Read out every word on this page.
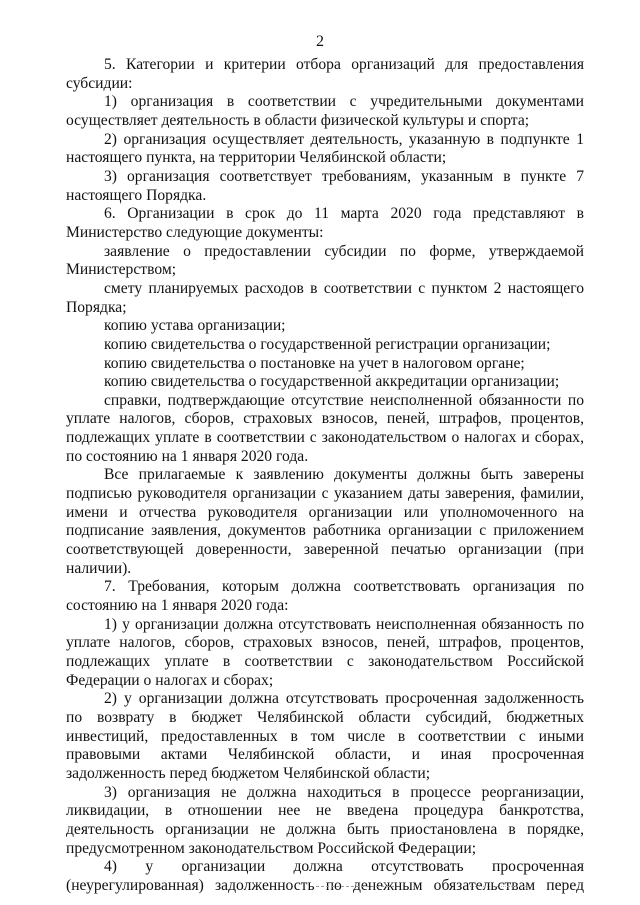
2

5. Категории и критерии отбора организаций для предоставления субсидии:

1) организация в соответствии с учредительными документами осуществляет деятельность в области физической культуры и спорта;

2) организация осуществляет деятельность, указанную в подпункте 1 настоящего пункта, на территории Челябинской области;

3) организация соответствует требованиям, указанным в пункте 7 настоящего Порядка.

6. Организации в срок до 11 марта 2020 года представляют в Министерство следующие документы:

заявление о предоставлении субсидии по форме, утверждаемой Министерством;

смету планируемых расходов в соответствии с пунктом 2 настоящего Порядка;

копию устава организации;

копию свидетельства о государственной регистрации организации;

копию свидетельства о постановке на учет в налоговом органе;

копию свидетельства о государственной аккредитации организации;

справки, подтверждающие отсутствие неисполненной обязанности по уплате налогов, сборов, страховых взносов, пеней, штрафов, процентов, подлежащих уплате в соответствии с законодательством о налогах и сборах, по состоянию на 1 января 2020 года.

Все прилагаемые к заявлению документы должны быть заверены подписью руководителя организации с указанием даты заверения, фамилии, имени и отчества руководителя организации или уполномоченного на подписание заявления, документов работника организации с приложением соответствующей доверенности, заверенной печатью организации (при наличии).

7. Требования, которым должна соответствовать организация по состоянию на 1 января 2020 года:

1) у организации должна отсутствовать неисполненная обязанность по уплате налогов, сборов, страховых взносов, пеней, штрафов, процентов, подлежащих уплате в соответствии с законодательством Российской Федерации о налогах и сборах;

2) у организации должна отсутствовать просроченная задолженность по возврату в бюджет Челябинской области субсидий, бюджетных инвестиций, предоставленных в том числе в соответствии с иными правовыми актами Челябинской области, и иная просроченная задолженность перед бюджетом Челябинской области;

3) организация не должна находиться в процессе реорганизации, ликвидации, в отношении нее не введена процедура банкротства, деятельность организации не должна быть приостановлена в порядке, предусмотренном законодательством Российской Федерации;

4) у организации должна отсутствовать просроченная (неурегулированная) задолженность по денежным обязательствам перед
